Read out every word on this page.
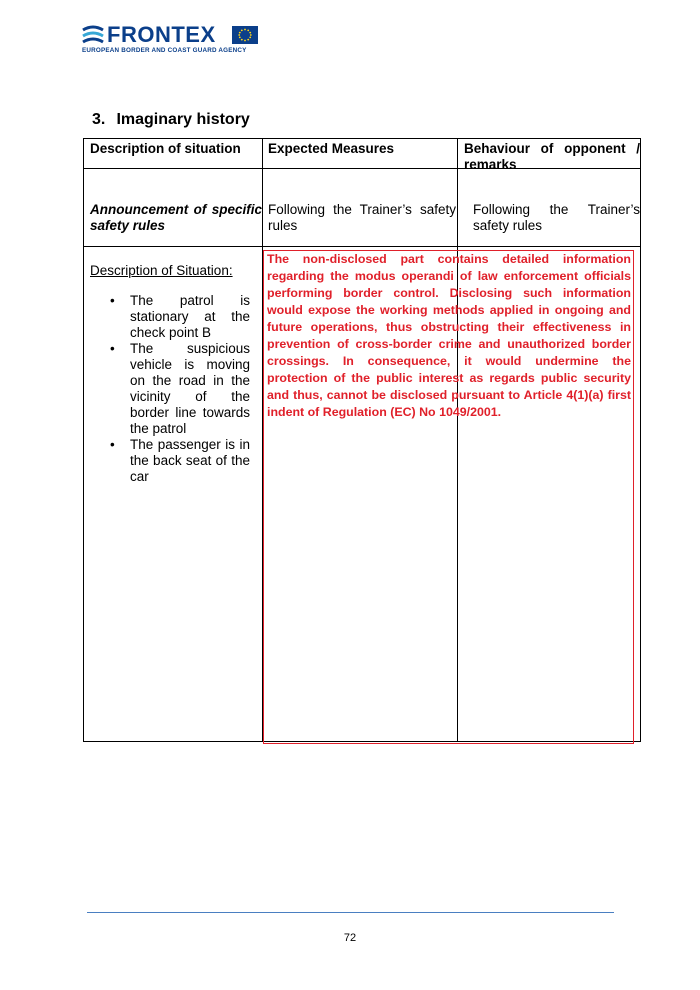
FRONTEX
EUROPEAN BORDER AND COAST GUARD AGENCY
3. Imaginary history
Description of situation	Expected Measures	Behaviour of opponent / remarks
Announcement of specific safety rules
Following the Trainer’s safety rules
Following the Trainer’s safety rules
Description of Situation:
• The patrol is stationary at the check point B
• The suspicious vehicle is moving on the road in the vicinity of the border line towards the patrol
• The passenger is in the back seat of the car
The non-disclosed part contains detailed information regarding the modus operandi of law enforcement officials performing border control. Disclosing such information would expose the working methods applied in ongoing and future operations, thus obstructing their effectiveness in prevention of cross-border crime and unauthorized border crossings. In consequence, it would undermine the protection of the public interest as regards public security and thus, cannot be disclosed pursuant to Article 4(1)(a) first indent of Regulation (EC) No 1049/2001.
72
